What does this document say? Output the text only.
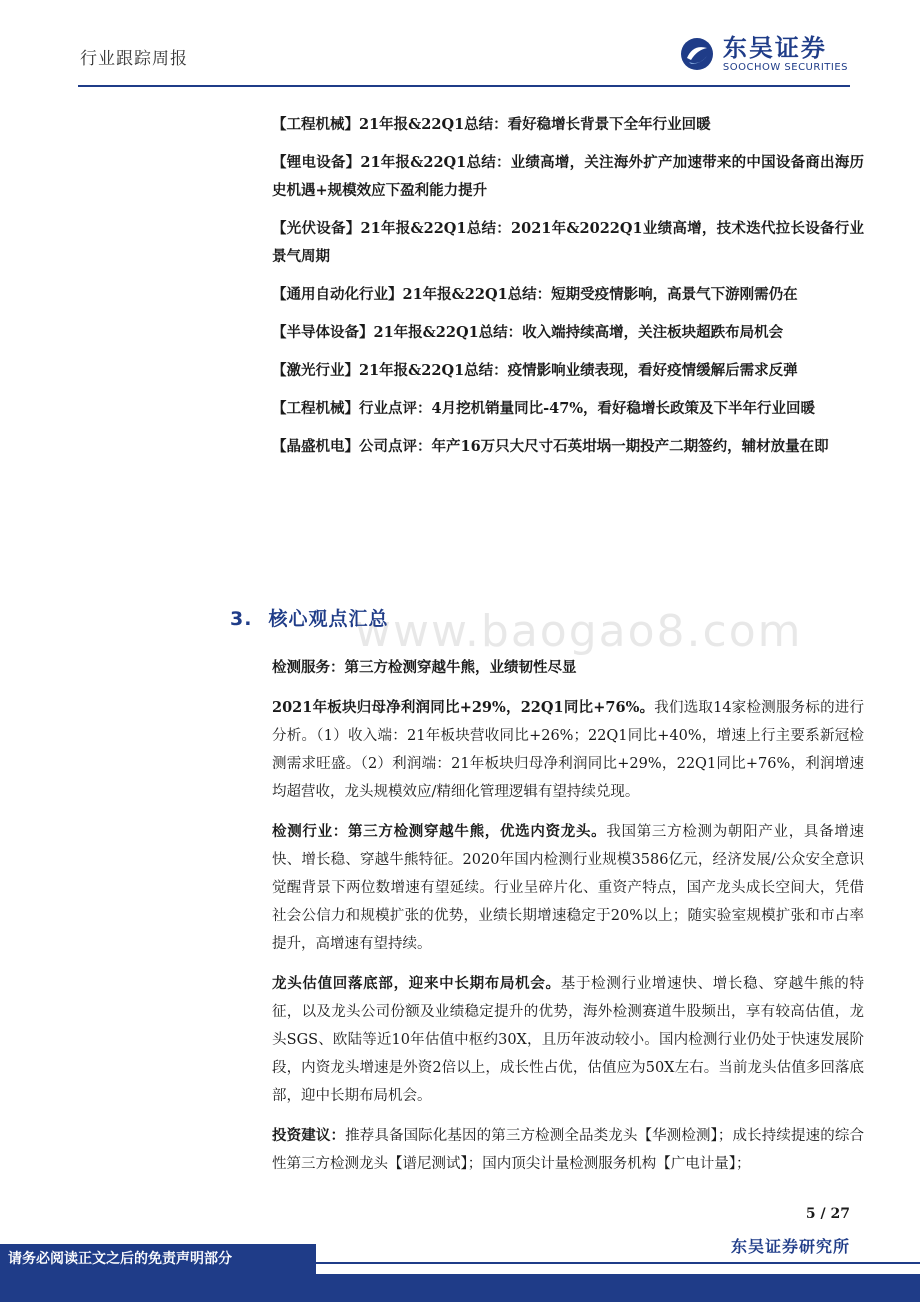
行业跟踪周报	东吴证券
SOOCHOW SECURITIES
【工程机械】21年报&22Q1总结：看好稳增长背景下全年行业回暖
【锂电设备】21年报&22Q1总结：业绩高增，关注海外扩产加速带来的中国设备商出海历史机遇+规模效应下盈利能力提升
【光伏设备】21年报&22Q1总结：2021年&2022Q1业绩高增，技术迭代拉长设备行业景气周期
【通用自动化行业】21年报&22Q1总结：短期受疫情影响，高景气下游刚需仍在
【半导体设备】21年报&22Q1总结：收入端持续高增，关注板块超跌布局机会
【激光行业】21年报&22Q1总结：疫情影响业绩表现，看好疫情缓解后需求反弹
【工程机械】行业点评：4月挖机销量同比-47%，看好稳增长政策及下半年行业回暖
【晶盛机电】公司点评：年产16万只大尺寸石英坩埚一期投产二期签约，辅材放量在即
www.baogao8.com
3. 核心观点汇总
检测服务：第三方检测穿越牛熊，业绩韧性尽显
2021年板块归母净利润同比+29%，22Q1同比+76%。我们选取14家检测服务标的进行分析。（1）收入端：21年板块营收同比+26%；22Q1同比+40%，增速上行主要系新冠检测需求旺盛。（2）利润端：21年板块归母净利润同比+29%，22Q1同比+76%，利润增速均超营收，龙头规模效应/精细化管理逻辑有望持续兑现。
检测行业：第三方检测穿越牛熊，优选内资龙头。我国第三方检测为朝阳产业，具备增速快、增长稳、穿越牛熊特征。2020年国内检测行业规模3586亿元，经济发展/公众安全意识觉醒背景下两位数增速有望延续。行业呈碎片化、重资产特点，国产龙头成长空间大，凭借社会公信力和规模扩张的优势，业绩长期增速稳定于20%以上；随实验室规模扩张和市占率提升，高增速有望持续。
龙头估值回落底部，迎来中长期布局机会。基于检测行业增速快、增长稳、穿越牛熊的特征，以及龙头公司份额及业绩稳定提升的优势，海外检测赛道牛股频出，享有较高估值，龙头SGS、欧陆等近10年估值中枢约30X，且历年波动较小。国内检测行业仍处于快速发展阶段，内资龙头增速是外资2倍以上，成长性占优，估值应为50X左右。当前龙头估值多回落底部，迎中长期布局机会。
投资建议：推荐具备国际化基因的第三方检测全品类龙头【华测检测】；成长持续提速的综合性第三方检测龙头【谱尼测试】；国内顶尖计量检测服务机构【广电计量】；
5 / 27
请务必阅读正文之后的免责声明部分
东吴证券研究所
